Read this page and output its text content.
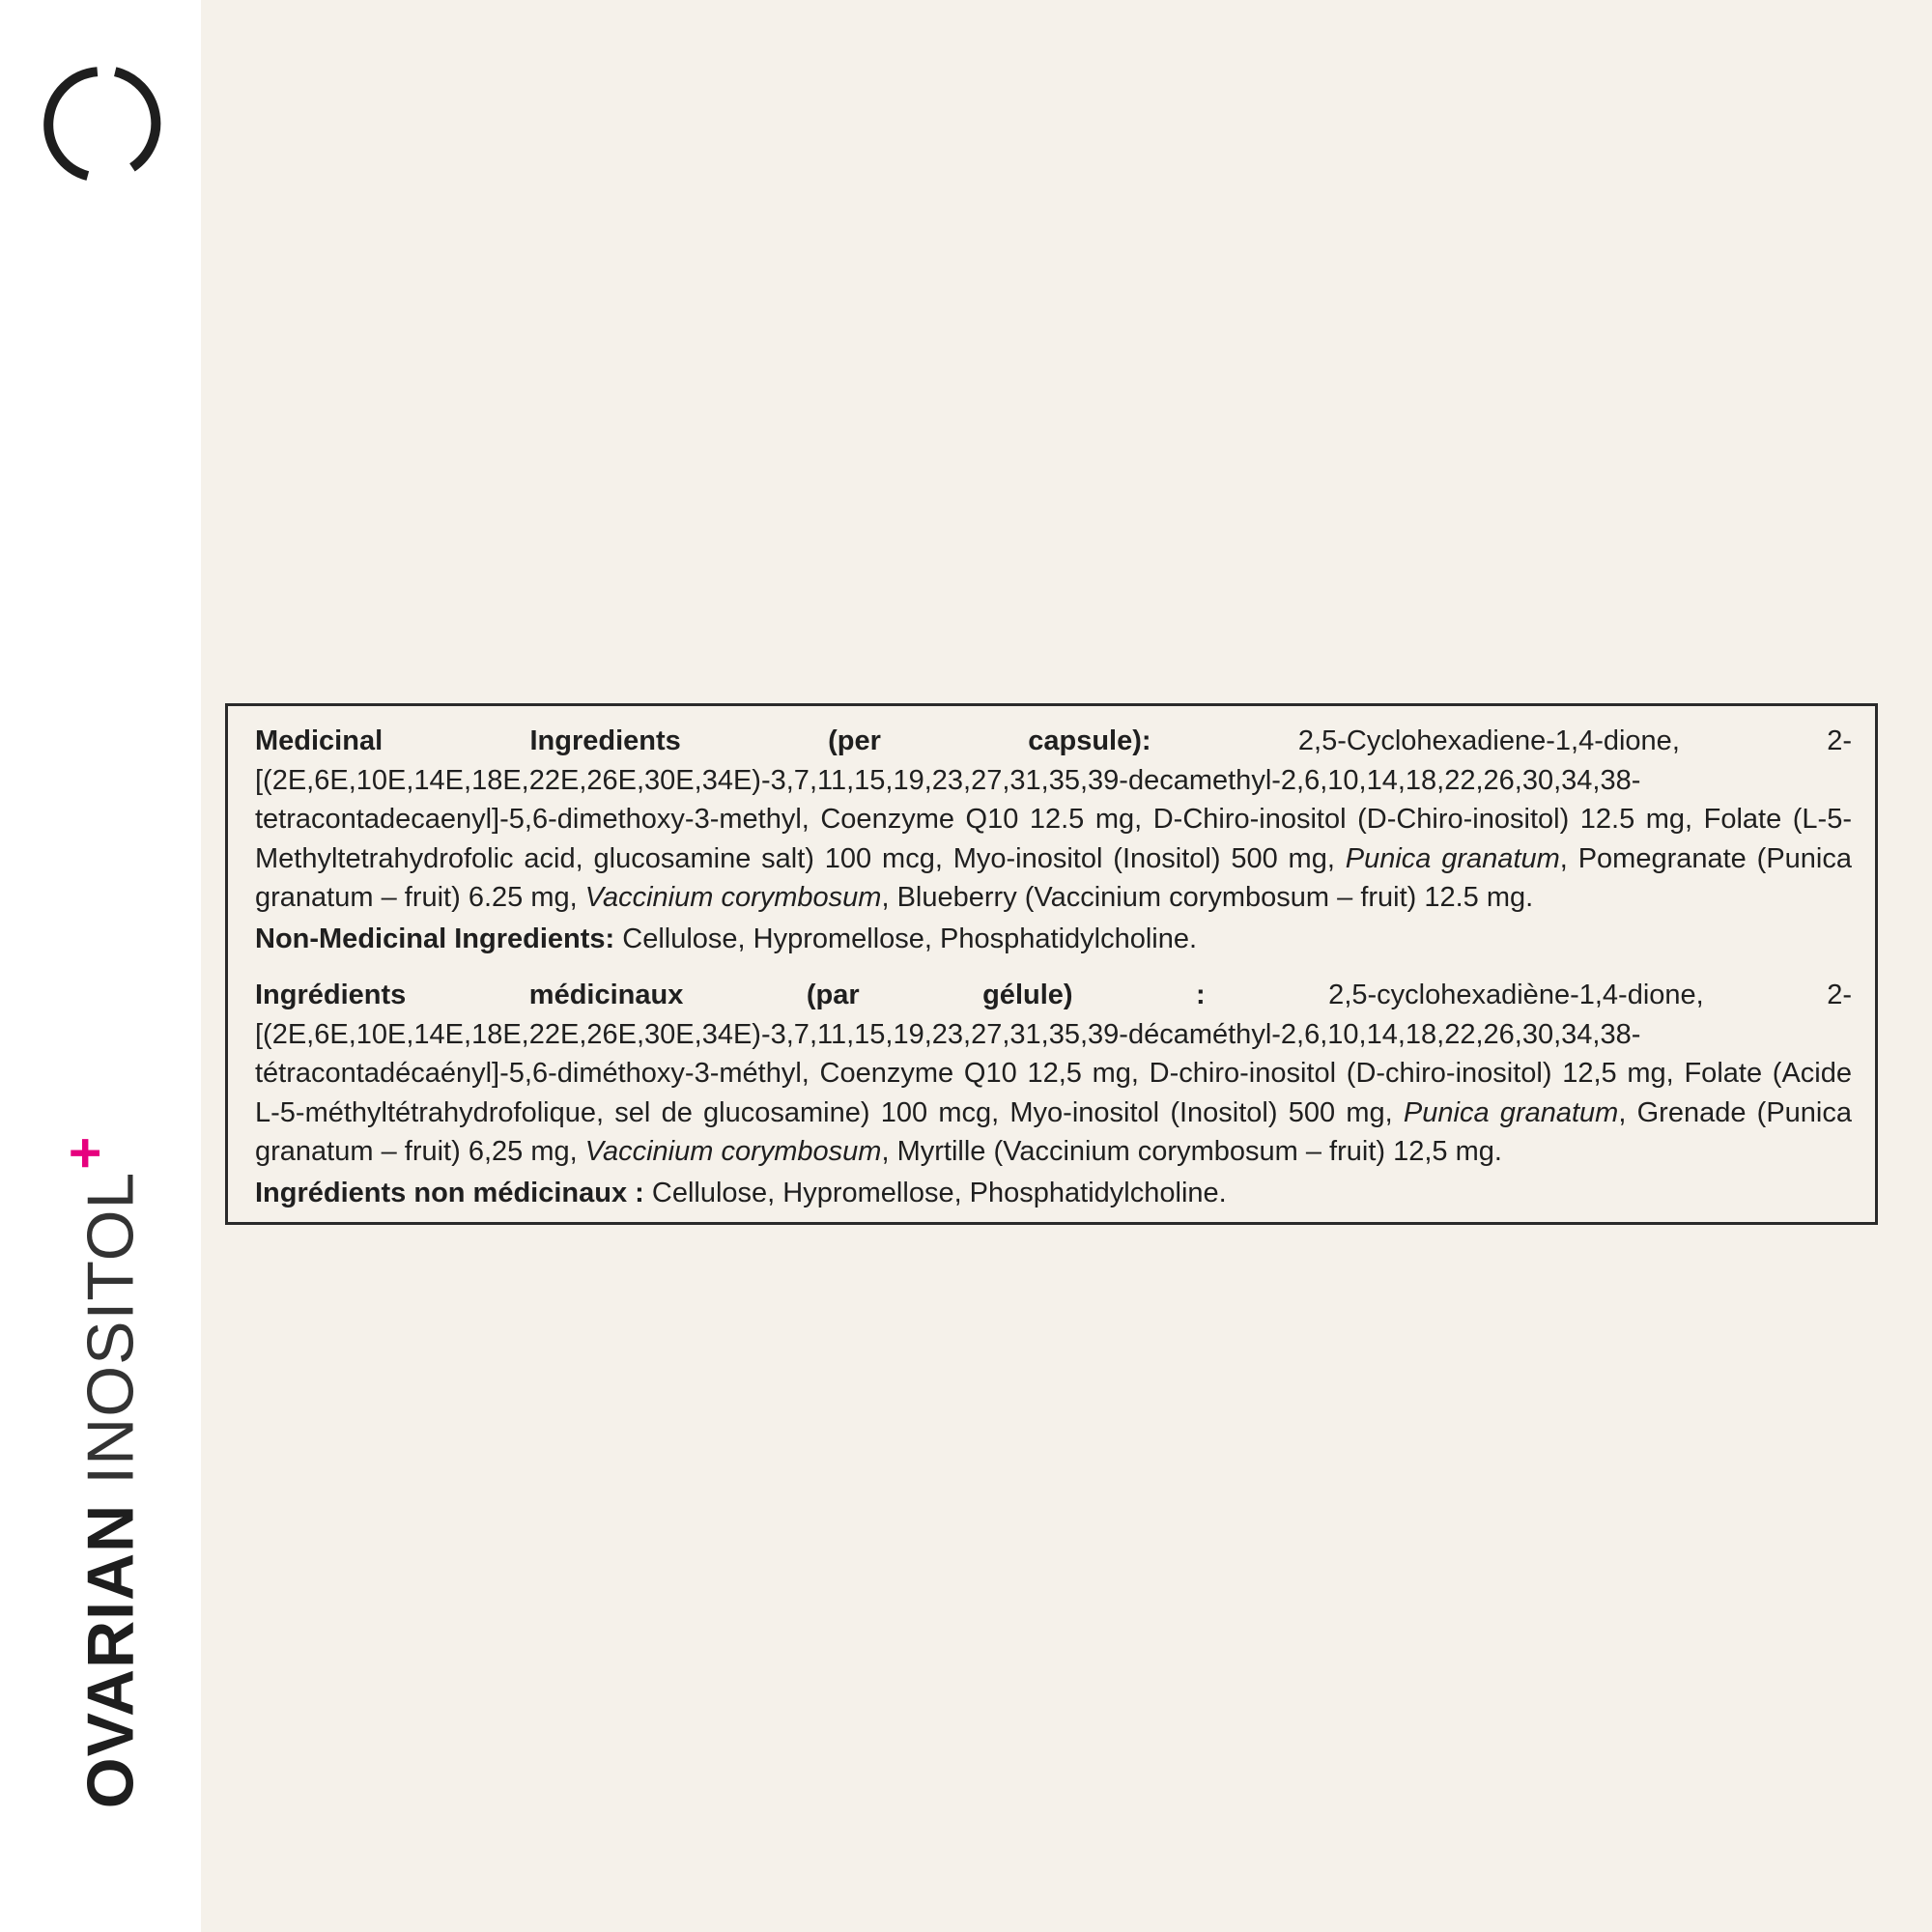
OVARIAN INOSITOL+

Medicinal Ingredients (per capsule): 2,5-Cyclohexadiene-1,4-dione, 2-[(2E,6E,10E,14E,18E,22E,26E,30E,34E)-3,7,11,15,19,23,27,31,35,39-decamethyl-2,6,10,14,18,22,26,30,34,38-tetracontadecaenyl]-5,6-dimethoxy-3-methyl, Coenzyme Q10 12.5 mg, D-Chiro-inositol (D-Chiro-inositol) 12.5 mg, Folate (L-5-Methyltetrahydrofolic acid, glucosamine salt) 100 mcg, Myo-inositol (Inositol) 500 mg, Punica granatum, Pomegranate (Punica granatum – fruit) 6.25 mg, Vaccinium corymbosum, Blueberry (Vaccinium corymbosum – fruit) 12.5 mg.

Non-Medicinal Ingredients: Cellulose, Hypromellose, Phosphatidylcholine.

Ingrédients médicinaux (par gélule) : 2,5-cyclohexadiène-1,4-dione, 2-[(2E,6E,10E,14E,18E,22E,26E,30E,34E)-3,7,11,15,19,23,27,31,35,39-décaméthyl-2,6,10,14,18,22,26,30,34,38-tétracontadécaényl]-5,6-diméthoxy-3-méthyl, Coenzyme Q10 12,5 mg, D-chiro-inositol (D-chiro-inositol) 12,5 mg, Folate (Acide L-5-méthyltétrahydrofolique, sel de glucosamine) 100 mcg, Myo-inositol (Inositol) 500 mg, Punica granatum, Grenade (Punica granatum – fruit) 6,25 mg, Vaccinium corymbosum, Myrtille (Vaccinium corymbosum – fruit) 12,5 mg.

Ingrédients non médicinaux : Cellulose, Hypromellose, Phosphatidylcholine.
